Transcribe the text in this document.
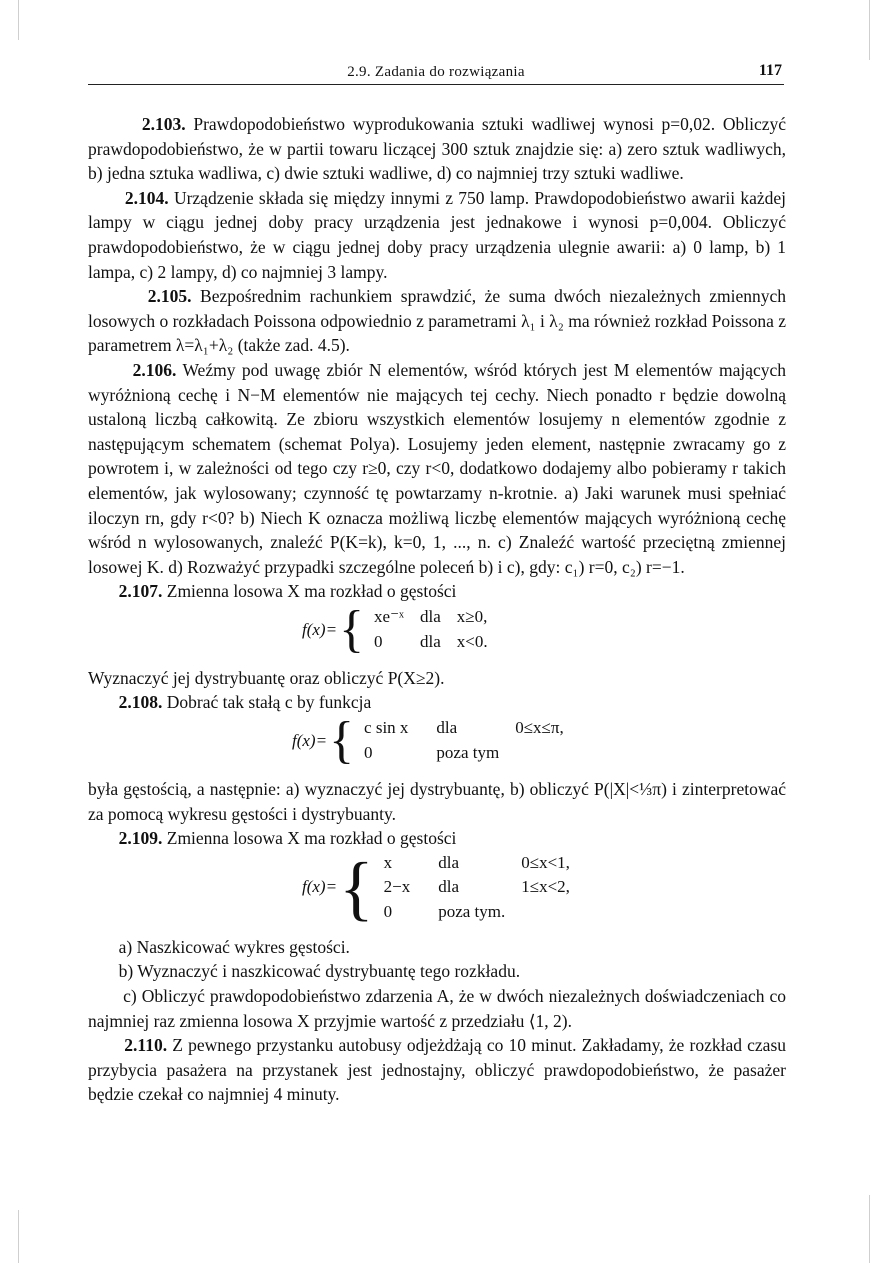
2.9. Zadania do rozwiązania	117

2.103. Prawdopodobieństwo wyprodukowania sztuki wadliwej wynosi p=0,02. Obliczyć prawdopodobieństwo, że w partii towaru liczącej 300 sztuk znajdzie się: a) zero sztuk wadliwych, b) jedna sztuka wadliwa, c) dwie sztuki wadliwe, d) co najmniej trzy sztuki wadliwe.

2.104. Urządzenie składa się między innymi z 750 lamp. Prawdopodobieństwo awarii każdej lampy w ciągu jednej doby pracy urządzenia jest jednakowe i wynosi p=0,004. Obliczyć prawdopodobieństwo, że w ciągu jednej doby pracy urządzenia ulegnie awarii: a) 0 lamp, b) 1 lampa, c) 2 lampy, d) co najmniej 3 lampy.

2.105. Bezpośrednim rachunkiem sprawdzić, że suma dwóch niezależnych zmiennych losowych o rozkładach Poissona odpowiednio z parametrami λ₁ i λ₂ ma również rozkład Poissona z parametrem λ=λ₁+λ₂ (także zad. 4.5).

2.106. Weźmy pod uwagę zbiór N elementów, wśród których jest M elementów mających wyróżnioną cechę i N−M elementów nie mających tej cechy. Niech ponadto r będzie dowolną ustaloną liczbą całkowitą. Ze zbioru wszystkich elementów losujemy n elementów zgodnie z następującym schematem (schemat Polya). Losujemy jeden element, następnie zwracamy go z powrotem i, w zależności od tego czy r≥0, czy r<0, dodatkowo dodajemy albo pobieramy r takich elementów, jak wylosowany; czynność tę powtarzamy n-krotnie. a) Jaki warunek musi spełniać iloczyn rn, gdy r<0? b) Niech K oznacza możliwą liczbę elementów mających wyróżnioną cechę wśród n wylosowanych, znaleźć P(K=k), k=0, 1, ..., n. c) Znaleźć wartość przeciętną zmiennej losowej K. d) Rozważyć przypadki szczególne poleceń b) i c), gdy: c₁) r=0, c₂) r=−1.

2.107. Zmienna losowa X ma rozkład o gęstości

f(x)=	{	xe⁻ˣ	dla	x≥0,
0	dla	x<0.

Wyznaczyć jej dystrybuantę oraz obliczyć P(X≥2).

2.108. Dobrać tak stałą c by funkcja

f(x)=	{	c sin x	dla	0≤x≤π,
0	poza tym	

była gęstością, a następnie: a) wyznaczyć jej dystrybuantę, b) obliczyć P(|X|<⅓π) i zinterpretować za pomocą wykresu gęstości i dystrybuanty.

2.109. Zmienna losowa X ma rozkład o gęstości

f(x)=	{	x	dla	0≤x<1,
2−x	dla	1≤x<2,
0	poza tym.	

a) Naszkicować wykres gęstości.

b) Wyznaczyć i naszkicować dystrybuantę tego rozkładu.

c) Obliczyć prawdopodobieństwo zdarzenia A, że w dwóch niezależnych doświadczeniach co najmniej raz zmienna losowa X przyjmie wartość z przedziału ⟨1, 2).

2.110. Z pewnego przystanku autobusy odjeżdżają co 10 minut. Zakładamy, że rozkład czasu przybycia pasażera na przystanek jest jednostajny, obliczyć prawdopodobieństwo, że pasażer będzie czekał co najmniej 4 minuty.
